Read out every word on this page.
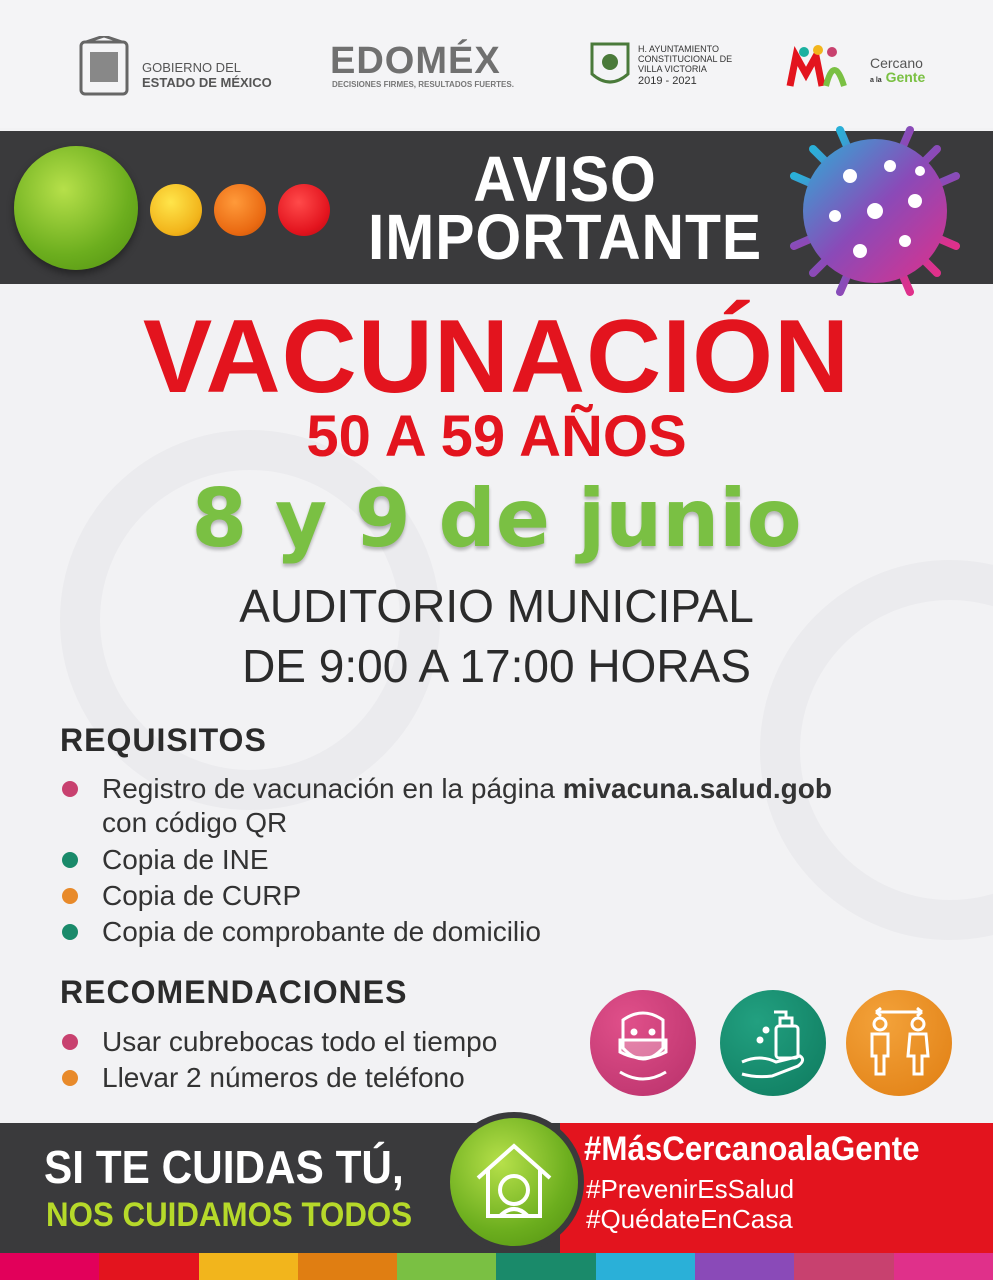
GOBIERNO DEL
ESTADO DE MÉXICO
EDOMÉX
DECISIONES FIRMES, RESULTADOS FUERTES.
H. AYUNTAMIENTO
CONSTITUCIONAL DE
VILLA VICTORIA
2019 - 2021
Cercano
a la Gente
AVISO
IMPORTANTE
VACUNACIÓN
50 A 59 AÑOS
8 y 9 de junio
AUDITORIO MUNICIPAL
DE 9:00 A 17:00 HORAS
REQUISITOS
Registro de vacunación en la página mivacuna.salud.gob
con código QR
Copia de INE
Copia de CURP
Copia de comprobante de domicilio
RECOMENDACIONES
Usar cubrebocas todo el tiempo
Llevar 2 números de teléfono
SI TE CUIDAS TÚ,
NOS CUIDAMOS TODOS
#MásCercanoalaGente
#PrevenirEsSalud
#QuédateEnCasa
